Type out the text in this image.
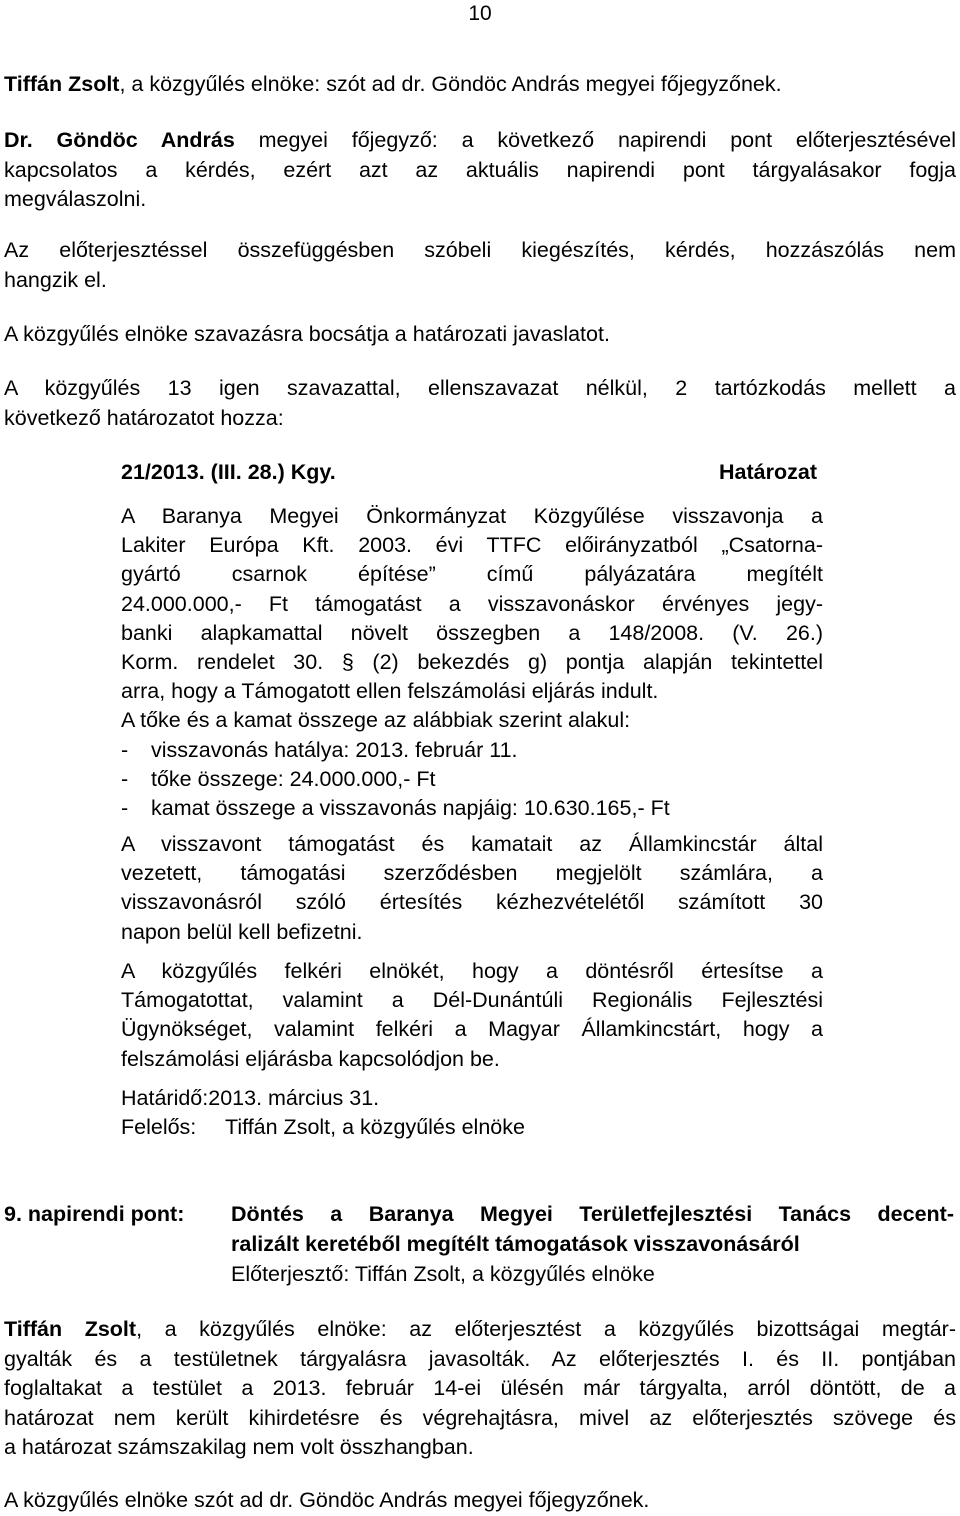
10
Tiffán Zsolt, a közgyűlés elnöke: szót ad dr. Göndöc András megyei főjegyzőnek.
Dr. Göndöc András megyei főjegyző: a következő napirendi pont előterjesztésével
kapcsolatos a kérdés, ezért azt az aktuális napirendi pont tárgyalásakor fogja
megválaszolni.
Az előterjesztéssel összefüggésben szóbeli kiegészítés, kérdés, hozzászólás nem
hangzik el.
A közgyűlés elnöke szavazásra bocsátja a határozati javaslatot.
A közgyűlés 13 igen szavazattal, ellenszavazat nélkül, 2 tartózkodás mellett a
következő határozatot hozza:
21/2013. (III. 28.) Kgy.	Határozat
A Baranya Megyei Önkormányzat Közgyűlése visszavonja a
Lakiter Európa Kft. 2003. évi TTFC előirányzatból „Csatorna-
gyártó csarnok építése” című pályázatára megítélt
24.000.000,- Ft támogatást a visszavonáskor érvényes jegy-
banki alapkamattal növelt összegben a 148/2008. (V. 26.)
Korm. rendelet 30. § (2) bekezdés g) pontja alapján tekintettel
arra, hogy a Támogatott ellen felszámolási eljárás indult.
A tőke és a kamat összege az alábbiak szerint alakul:
- visszavonás hatálya: 2013. február 11.
- tőke összege: 24.000.000,- Ft
- kamat összege a visszavonás napjáig: 10.630.165,- Ft
A visszavont támogatást és kamatait az Államkincstár által
vezetett, támogatási szerződésben megjelölt számlára, a
visszavonásról szóló értesítés kézhezvételétől számított 30
napon belül kell befizetni.
A közgyűlés felkéri elnökét, hogy a döntésről értesítse a
Támogatottat, valamint a Dél-Dunántúli Regionális Fejlesztési
Ügynökséget, valamint felkéri a Magyar Államkincstárt, hogy a
felszámolási eljárásba kapcsolódjon be.
Határidő:2013. március 31.
Felelős: Tiffán Zsolt, a közgyűlés elnöke
9. napirendi pont: Döntés a Baranya Megyei Területfejlesztési Tanács decent-
ralizált keretéből megítélt támogatások visszavonásáról
Előterjesztő: Tiffán Zsolt, a közgyűlés elnöke
Tiffán Zsolt, a közgyűlés elnöke: az előterjesztést a közgyűlés bizottságai megtár-
gyalták és a testületnek tárgyalásra javasolták. Az előterjesztés I. és II. pontjában
foglaltakat a testület a 2013. február 14-ei ülésén már tárgyalta, arról döntött, de a
határozat nem került kihirdetésre és végrehajtásra, mivel az előterjesztés szövege és
a határozat számszakilag nem volt összhangban.
A közgyűlés elnöke szót ad dr. Göndöc András megyei főjegyzőnek.
